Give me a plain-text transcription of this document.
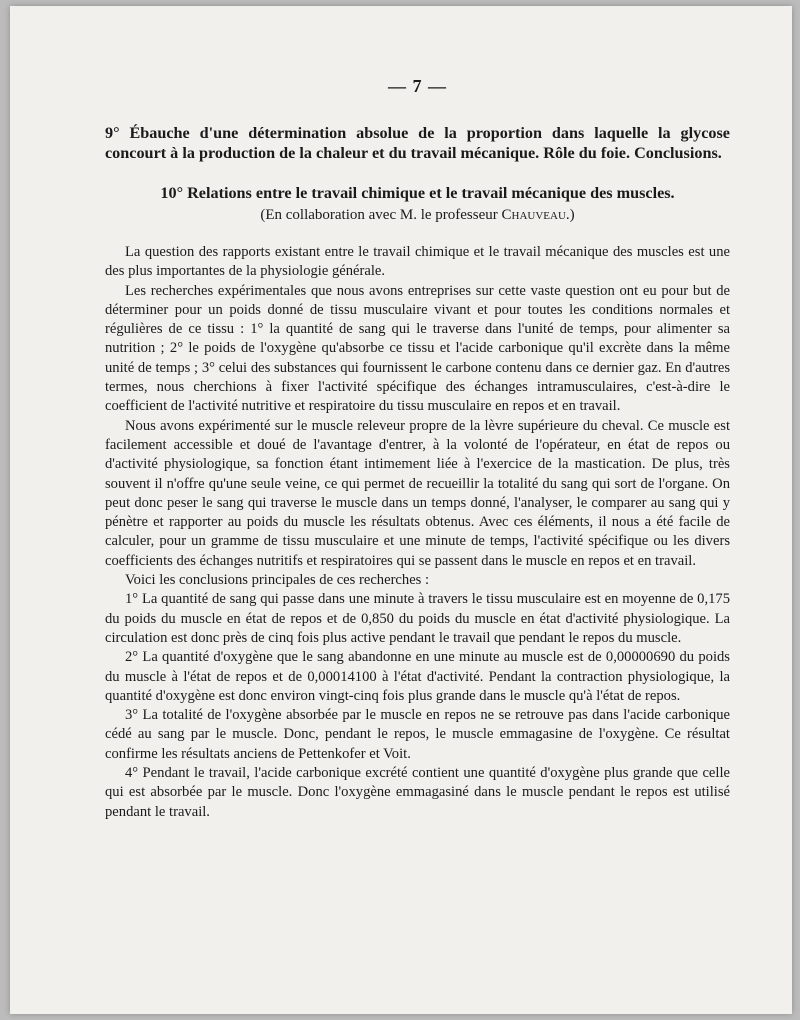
— 7 —

9° Ébauche d'une détermination absolue de la proportion dans laquelle la glycose concourt à la production de la chaleur et du travail mécanique. Rôle du foie. Conclusions.

10° Relations entre le travail chimique et le travail mécanique des muscles.

(En collaboration avec M. le professeur Chauveau.)

La question des rapports existant entre le travail chimique et le travail mécanique des muscles est une des plus importantes de la physiologie générale.

Les recherches expérimentales que nous avons entreprises sur cette vaste question ont eu pour but de déterminer pour un poids donné de tissu musculaire vivant et pour toutes les conditions normales et régulières de ce tissu : 1° la quantité de sang qui le traverse dans l'unité de temps, pour alimenter sa nutrition ; 2° le poids de l'oxygène qu'absorbe ce tissu et l'acide carbonique qu'il excrète dans la même unité de temps ; 3° celui des substances qui fournissent le carbone contenu dans ce dernier gaz. En d'autres termes, nous cherchions à fixer l'activité spécifique des échanges intramusculaires, c'est-à-dire le coefficient de l'activité nutritive et respiratoire du tissu musculaire en repos et en travail.

Nous avons expérimenté sur le muscle releveur propre de la lèvre supérieure du cheval. Ce muscle est facilement accessible et doué de l'avantage d'entrer, à la volonté de l'opérateur, en état de repos ou d'activité physiologique, sa fonction étant intimement liée à l'exercice de la mastication. De plus, très souvent il n'offre qu'une seule veine, ce qui permet de recueillir la totalité du sang qui sort de l'organe. On peut donc peser le sang qui traverse le muscle dans un temps donné, l'analyser, le comparer au sang qui y pénètre et rapporter au poids du muscle les résultats obtenus. Avec ces éléments, il nous a été facile de calculer, pour un gramme de tissu musculaire et une minute de temps, l'activité spécifique ou les divers coefficients des échanges nutritifs et respiratoires qui se passent dans le muscle en repos et en travail.

Voici les conclusions principales de ces recherches :

1° La quantité de sang qui passe dans une minute à travers le tissu musculaire est en moyenne de 0,175 du poids du muscle en état de repos et de 0,850 du poids du muscle en état d'activité physiologique. La circulation est donc près de cinq fois plus active pendant le travail que pendant le repos du muscle.

2° La quantité d'oxygène que le sang abandonne en une minute au muscle est de 0,00000690 du poids du muscle à l'état de repos et de 0,00014100 à l'état d'activité. Pendant la contraction physiologique, la quantité d'oxygène est donc environ vingt-cinq fois plus grande dans le muscle qu'à l'état de repos.

3° La totalité de l'oxygène absorbée par le muscle en repos ne se retrouve pas dans l'acide carbonique cédé au sang par le muscle. Donc, pendant le repos, le muscle emmagasine de l'oxygène. Ce résultat confirme les résultats anciens de Pettenkofer et Voit.

4° Pendant le travail, l'acide carbonique excrété contient une quantité d'oxygène plus grande que celle qui est absorbée par le muscle. Donc l'oxygène emmagasiné dans le muscle pendant le repos est utilisé pendant le travail.
